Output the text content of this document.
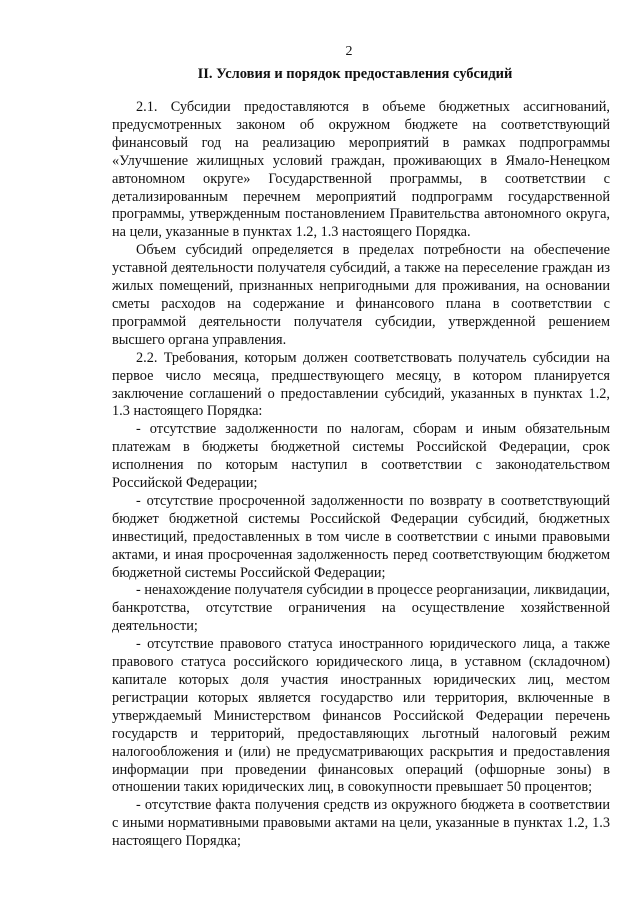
2
II. Условия и порядок предоставления субсидий

2.1. Субсидии предоставляются в объеме бюджетных ассигнований, предусмотренных законом об окружном бюджете на соответствующий финансовый год на реализацию мероприятий в рамках подпрограммы «Улучшение жилищных условий граждан, проживающих в Ямало-Ненецком автономном округе» Государственной программы, в соответствии с детализированным перечнем мероприятий подпрограмм государственной программы, утвержденным постановлением Правительства автономного округа, на цели, указанные в пунктах 1.2, 1.3 настоящего Порядка.

Объем субсидий определяется в пределах потребности на обеспечение уставной деятельности получателя субсидий, а также на переселение граждан из жилых помещений, признанных непригодными для проживания, на основании сметы расходов на содержание и финансового плана в соответствии с программой деятельности получателя субсидии, утвержденной решением высшего органа управления.

2.2. Требования, которым должен соответствовать получатель субсидии на первое число месяца, предшествующего месяцу, в котором планируется заключение соглашений о предоставлении субсидий, указанных в пунктах 1.2, 1.3 настоящего Порядка:

- отсутствие задолженности по налогам, сборам и иным обязательным платежам в бюджеты бюджетной системы Российской Федерации, срок исполнения по которым наступил в соответствии с законодательством Российской Федерации;

- отсутствие просроченной задолженности по возврату в соответствующий бюджет бюджетной системы Российской Федерации субсидий, бюджетных инвестиций, предоставленных в том числе в соответствии с иными правовыми актами, и иная просроченная задолженность перед соответствующим бюджетом бюджетной системы Российской Федерации;

- ненахождение получателя субсидии в процессе реорганизации, ликвидации, банкротства, отсутствие ограничения на осуществление хозяйственной деятельности;

- отсутствие правового статуса иностранного юридического лица, а также правового статуса российского юридического лица, в уставном (складочном) капитале которых доля участия иностранных юридических лиц, местом регистрации которых является государство или территория, включенные в утверждаемый Министерством финансов Российской Федерации перечень государств и территорий, предоставляющих льготный налоговый режим налогообложения и (или) не предусматривающих раскрытия и предоставления информации при проведении финансовых операций (офшорные зоны) в отношении таких юридических лиц, в совокупности превышает 50 процентов;

- отсутствие факта получения средств из окружного бюджета в соответствии с иными нормативными правовыми актами на цели, указанные в пунктах 1.2, 1.3 настоящего Порядка;
